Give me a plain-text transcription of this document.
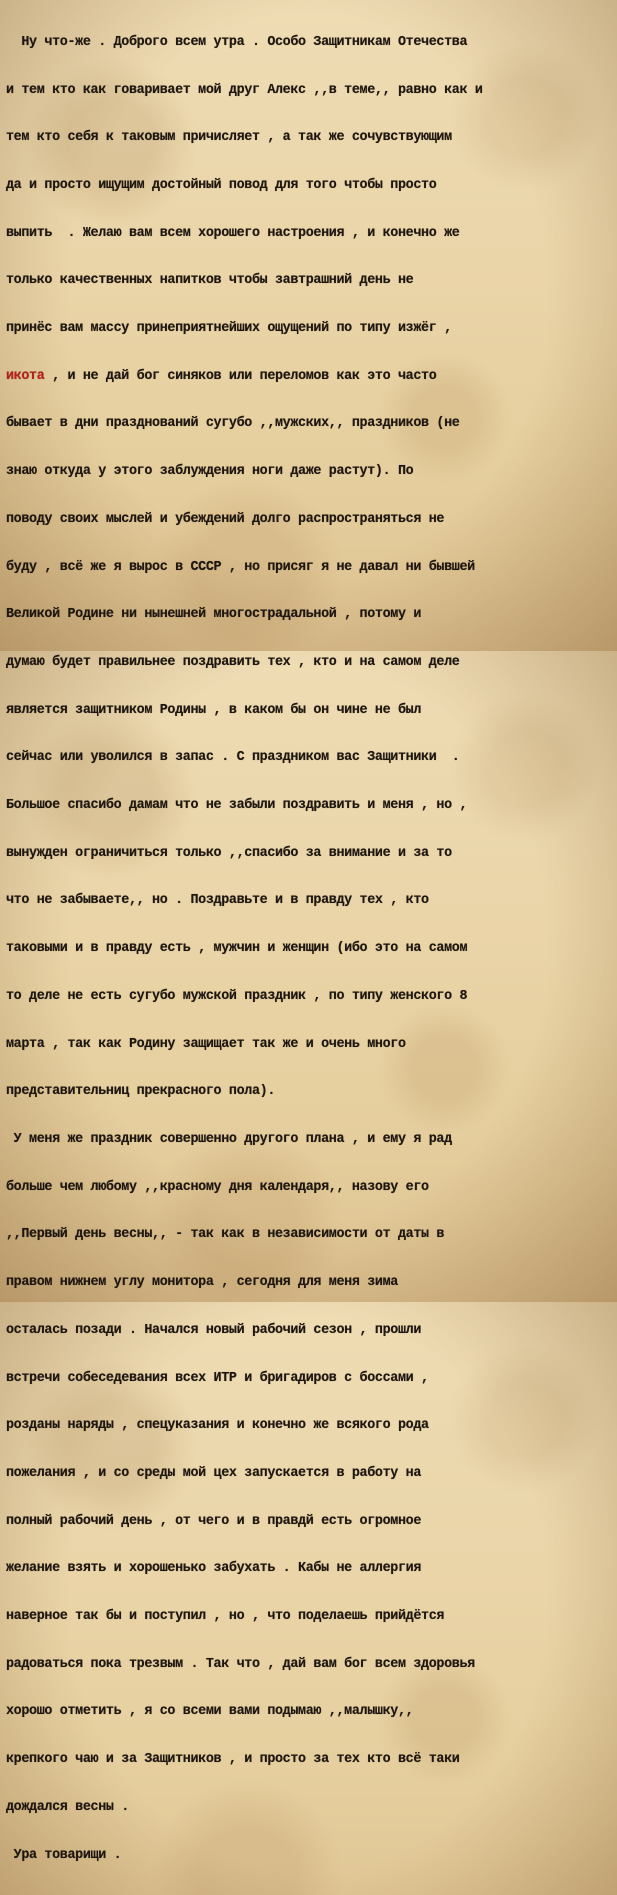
Ну что-же . Доброго всем утра . Особо Защитникам Отечества

и тем кто как говаривает мой друг Алекс ,,в теме,, равно как и

тем кто себя к таковым причисляет , а так же сочувствующим

да и просто ищущим достойный повод для того чтобы просто

выпить  . Желаю вам всем хорошего настроения , и конечно же

только качественных напитков чтобы завтрашний день не

принёс вам массу принеприятнейших ощущений по типу изжёг ,

икота , и не дай бог синяков или переломов как это часто

бывает в дни празднований сугубо ,,мужских,, праздников (не

знаю откуда у этого заблуждения ноги даже растут). По

поводу своих мыслей и убеждений долго распространяться не

буду , всё же я вырос в СССР , но присяг я не давал ни бывшей

Великой Родине ни нынешней многострадальной , потому и

думаю будет правильнее поздравить тех , кто и на самом деле

является защитником Родины , в каком бы он чине не был

сейчас или уволился в запас . С праздником вас Защитники  .

Большое спасибо дамам что не забыли поздравить и меня , но ,

вынужден ограничиться только ,,спасибо за внимание и за то

что не забываете,, но . Поздравьте и в правду тех , кто

таковыми и в правду есть , мужчин и женщин (ибо это на самом

то деле не есть сугубо мужской праздник , по типу женского 8

марта , так как Родину защищает так же и очень много

представительниц прекрасного пола).

У меня же праздник совершенно другого плана , и ему я рад

больше чем любому ,,красному дня календаря,, назову его

,,Первый день весны,, - так как в независимости от даты в

правом нижнем углу монитора , сегодня для меня зима

осталась позади . Начался новый рабочий сезон , прошли

встречи собеседевания всех ИТР и бригадиров с боссами ,

розданы наряды , спецуказания и конечно же всякого рода

пожелания , и со среды мой цех запускается в работу на

полный рабочий день , от чего и в правдй есть огромное

желание взять и хорошенько забухать . Кабы не аллергия

наверное так бы и поступил , но , что поделаешь прийдётся

радоваться пока трезвым . Так что , дай вам бог всем здоровья

хорошо отметить , я со всеми вами подымаю ,,малышку,,

крепкого чаю и за Защитников , и просто за тех кто всё таки

дождался весны .

Ура товарищи .
